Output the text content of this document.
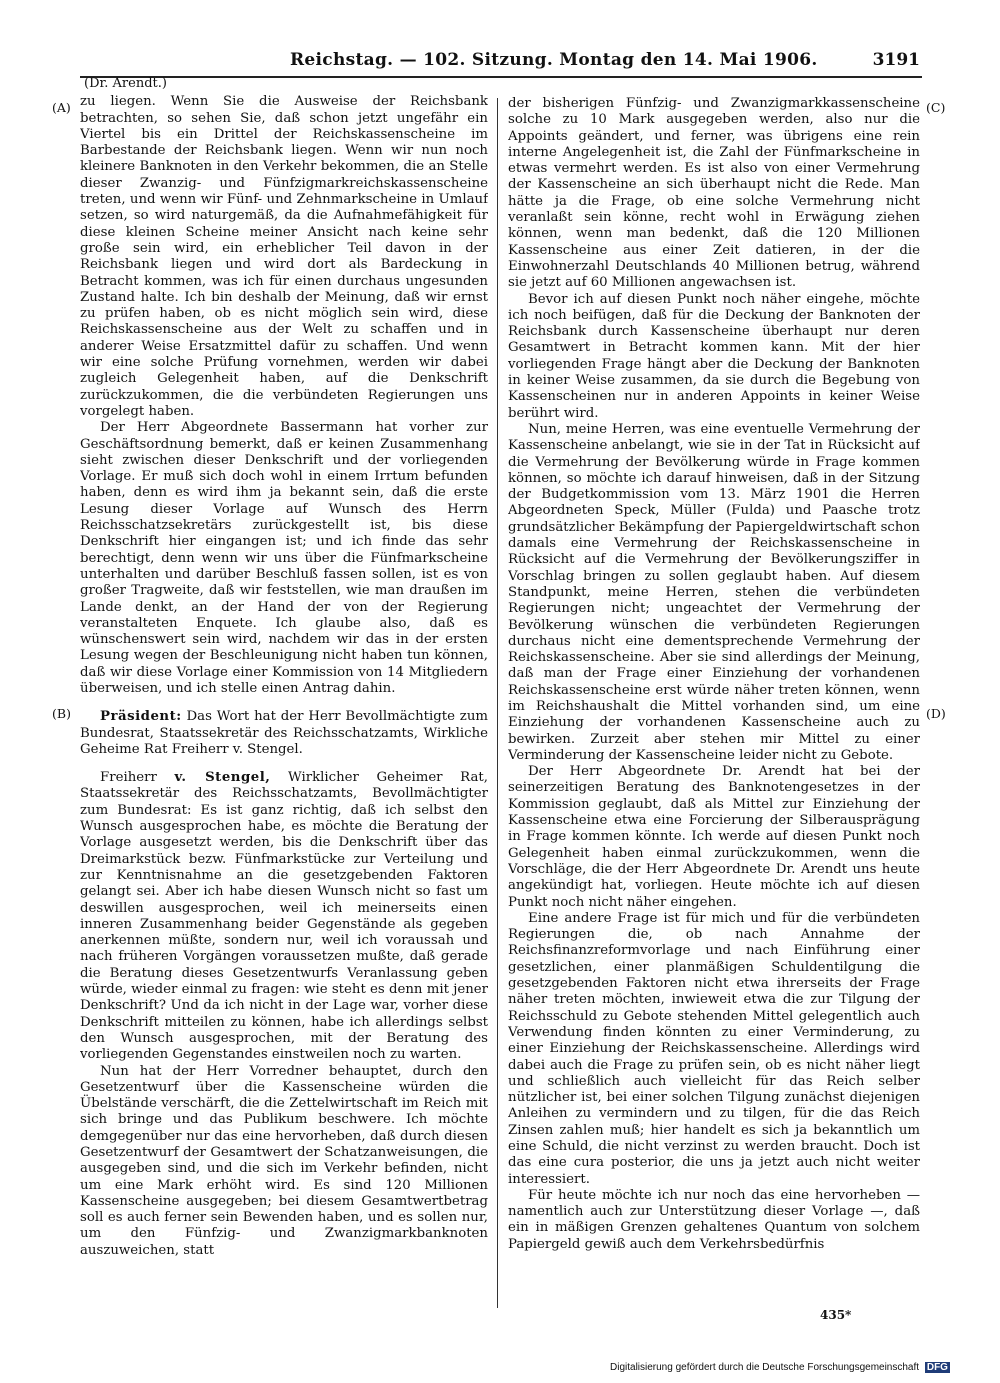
Reichstag. — 102. Sitzung. Montag den 14. Mai 1906.	3191
(A)
(B)
(C)
(D)

(Dr. Arendt.)

zu liegen. Wenn Sie die Ausweise der Reichsbank betrachten, so sehen Sie, daß schon jetzt ungefähr ein Viertel bis ein Drittel der Reichskassenscheine im Barbestande der Reichsbank liegen. Wenn wir nun noch kleinere Banknoten in den Verkehr bekommen, die an Stelle dieser Zwanzig- und Fünfzigmarkreichskassenscheine treten, und wenn wir Fünf- und Zehnmarkscheine in Umlauf setzen, so wird naturgemäß, da die Aufnahmefähigkeit für diese kleinen Scheine meiner Ansicht nach keine sehr große sein wird, ein erheblicher Teil davon in der Reichsbank liegen und wird dort als Bardeckung in Betracht kommen, was ich für einen durchaus ungesunden Zustand halte. Ich bin deshalb der Meinung, daß wir ernst zu prüfen haben, ob es nicht möglich sein wird, diese Reichskassenscheine aus der Welt zu schaffen und in anderer Weise Ersatzmittel dafür zu schaffen. Und wenn wir eine solche Prüfung vornehmen, werden wir dabei zugleich Gelegenheit haben, auf die Denkschrift zurückzukommen, die die verbündeten Regierungen uns vorgelegt haben.

Der Herr Abgeordnete Bassermann hat vorher zur Geschäftsordnung bemerkt, daß er keinen Zusammenhang sieht zwischen dieser Denkschrift und der vorliegenden Vorlage. Er muß sich doch wohl in einem Irrtum befunden haben, denn es wird ihm ja bekannt sein, daß die erste Lesung dieser Vorlage auf Wunsch des Herrn Reichsschatzsekretärs zurückgestellt ist, bis diese Denkschrift hier eingangen ist; und ich finde das sehr berechtigt, denn wenn wir uns über die Fünfmarkscheine unterhalten und darüber Beschluß fassen sollen, ist es von großer Tragweite, daß wir feststellen, wie man draußen im Lande denkt, an der Hand der von der Regierung veranstalteten Enquete. Ich glaube also, daß es wünschenswert sein wird, nachdem wir das in der ersten Lesung wegen der Beschleunigung nicht haben tun können, daß wir diese Vorlage einer Kommission von 14 Mitgliedern überweisen, und ich stelle einen Antrag dahin.

Präsident: Das Wort hat der Herr Bevollmächtigte zum Bundesrat, Staatssekretär des Reichsschatzamts, Wirkliche Geheime Rat Freiherr v. Stengel.

Freiherr v. Stengel, Wirklicher Geheimer Rat, Staatssekretär des Reichsschatzamts, Bevollmächtigter zum Bundesrat: Es ist ganz richtig, daß ich selbst den Wunsch ausgesprochen habe, es möchte die Beratung der Vorlage ausgesetzt werden, bis die Denkschrift über das Dreimarkstück bezw. Fünfmarkstücke zur Verteilung und zur Kenntnisnahme an die gesetzgebenden Faktoren gelangt sei. Aber ich habe diesen Wunsch nicht so fast um deswillen ausgesprochen, weil ich meinerseits einen inneren Zusammenhang beider Gegenstände als gegeben anerkennen müßte, sondern nur, weil ich voraussah und nach früheren Vorgängen voraussetzen mußte, daß gerade die Beratung dieses Gesetzentwurfs Veranlassung geben würde, wieder einmal zu fragen: wie steht es denn mit jener Denkschrift? Und da ich nicht in der Lage war, vorher diese Denkschrift mitteilen zu können, habe ich allerdings selbst den Wunsch ausgesprochen, mit der Beratung des vorliegenden Gegenstandes einstweilen noch zu warten.

Nun hat der Herr Vorredner behauptet, durch den Gesetzentwurf über die Kassenscheine würden die Übelstände verschärft, die die Zettelwirtschaft im Reich mit sich bringe und das Publikum beschwere. Ich möchte demgegenüber nur das eine hervorheben, daß durch diesen Gesetzentwurf der Gesamtwert der Schatzanweisungen, die ausgegeben sind, und die sich im Verkehr befinden, nicht um eine Mark erhöht wird. Es sind 120 Millionen Kassenscheine ausgegeben; bei diesem Gesamtwertbetrag soll es auch ferner sein Bewenden haben, und es sollen nur, um den Fünfzig- und Zwanzigmarkbanknoten auszuweichen, statt

der bisherigen Fünfzig- und Zwanzigmarkkassenscheine solche zu 10 Mark ausgegeben werden, also nur die Appoints geändert, und ferner, was übrigens eine rein interne Angelegenheit ist, die Zahl der Fünfmarkscheine in etwas vermehrt werden. Es ist also von einer Vermehrung der Kassenscheine an sich überhaupt nicht die Rede. Man hätte ja die Frage, ob eine solche Vermehrung nicht veranlaßt sein könne, recht wohl in Erwägung ziehen können, wenn man bedenkt, daß die 120 Millionen Kassenscheine aus einer Zeit datieren, in der die Einwohnerzahl Deutschlands 40 Millionen betrug, während sie jetzt auf 60 Millionen angewachsen ist.

Bevor ich auf diesen Punkt noch näher eingehe, möchte ich noch beifügen, daß für die Deckung der Banknoten der Reichsbank durch Kassenscheine überhaupt nur deren Gesamtwert in Betracht kommen kann. Mit der hier vorliegenden Frage hängt aber die Deckung der Banknoten in keiner Weise zusammen, da sie durch die Begebung von Kassenscheinen nur in anderen Appoints in keiner Weise berührt wird.

Nun, meine Herren, was eine eventuelle Vermehrung der Kassenscheine anbelangt, wie sie in der Tat in Rücksicht auf die Vermehrung der Bevölkerung würde in Frage kommen können, so möchte ich darauf hinweisen, daß in der Sitzung der Budgetkommission vom 13. März 1901 die Herren Abgeordneten Speck, Müller (Fulda) und Paasche trotz grundsätzlicher Bekämpfung der Papiergeldwirtschaft schon damals eine Vermehrung der Reichskassenscheine in Rücksicht auf die Vermehrung der Bevölkerungsziffer in Vorschlag bringen zu sollen geglaubt haben. Auf diesem Standpunkt, meine Herren, stehen die verbündeten Regierungen nicht; ungeachtet der Vermehrung der Bevölkerung wünschen die verbündeten Regierungen durchaus nicht eine dementsprechende Vermehrung der Reichskassenscheine. Aber sie sind allerdings der Meinung, daß man der Frage einer Einziehung der vorhandenen Reichskassenscheine erst würde näher treten können, wenn im Reichshaushalt die Mittel vorhanden sind, um eine Einziehung der vorhandenen Kassenscheine auch zu bewirken. Zurzeit aber stehen mir Mittel zu einer Verminderung der Kassenscheine leider nicht zu Gebote.

Der Herr Abgeordnete Dr. Arendt hat bei der seinerzeitigen Beratung des Banknotengesetzes in der Kommission geglaubt, daß als Mittel zur Einziehung der Kassenscheine etwa eine Forcierung der Silberausprägung in Frage kommen könnte. Ich werde auf diesen Punkt noch Gelegenheit haben einmal zurückzukommen, wenn die Vorschläge, die der Herr Abgeordnete Dr. Arendt uns heute angekündigt hat, vorliegen. Heute möchte ich auf diesen Punkt noch nicht näher eingehen.

Eine andere Frage ist für mich und für die verbündeten Regierungen die, ob nach Annahme der Reichsfinanzreformvorlage und nach Einführung einer gesetzlichen, einer planmäßigen Schuldentilgung die gesetzgebenden Faktoren nicht etwa ihrerseits der Frage näher treten möchten, inwieweit etwa die zur Tilgung der Reichsschuld zu Gebote stehenden Mittel gelegentlich auch Verwendung finden könnten zu einer Verminderung, zu einer Einziehung der Reichskassenscheine. Allerdings wird dabei auch die Frage zu prüfen sein, ob es nicht näher liegt und schließlich auch vielleicht für das Reich selber nützlicher ist, bei einer solchen Tilgung zunächst diejenigen Anleihen zu vermindern und zu tilgen, für die das Reich Zinsen zahlen muß; hier handelt es sich ja bekanntlich um eine Schuld, die nicht verzinst zu werden braucht. Doch ist das eine cura posterior, die uns ja jetzt auch nicht weiter interessiert.

Für heute möchte ich nur noch das eine hervorheben — namentlich auch zur Unterstützung dieser Vorlage —, daß ein in mäßigen Grenzen gehaltenes Quantum von solchem Papiergeld gewiß auch dem Verkehrsbedürfnis

435*
Digitalisierung gefördert durch die Deutsche Forschungsgemeinschaft DFG
